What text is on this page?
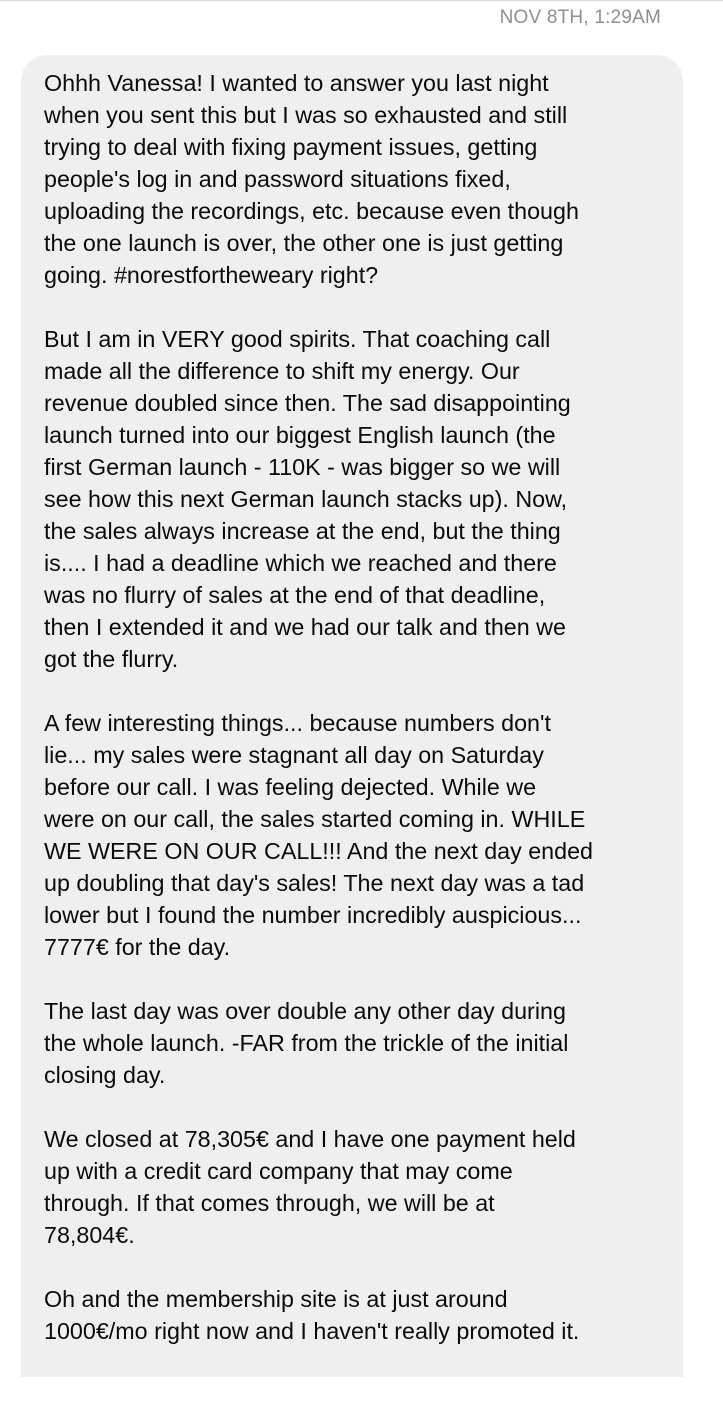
NOV 8TH, 1:29AM

Ohhh Vanessa! I wanted to answer you last night
when you sent this but I was so exhausted and still
trying to deal with fixing payment issues, getting
people's log in and password situations fixed,
uploading the recordings, etc. because even though
the one launch is over, the other one is just getting
going. #norestfortheweary right?

But I am in VERY good spirits. That coaching call
made all the difference to shift my energy. Our
revenue doubled since then. The sad disappointing
launch turned into our biggest English launch (the
first German launch - 110K - was bigger so we will
see how this next German launch stacks up). Now,
the sales always increase at the end, but the thing
is.... I had a deadline which we reached and there
was no flurry of sales at the end of that deadline,
then I extended it and we had our talk and then we
got the flurry.

A few interesting things... because numbers don't
lie... my sales were stagnant all day on Saturday
before our call. I was feeling dejected. While we
were on our call, the sales started coming in. WHILE
WE WERE ON OUR CALL!!! And the next day ended
up doubling that day's sales! The next day was a tad
lower but I found the number incredibly auspicious...
7777€ for the day.

The last day was over double any other day during
the whole launch. -FAR from the trickle of the initial
closing day.

We closed at 78,305€ and I have one payment held
up with a credit card company that may come
through. If that comes through, we will be at
78,804€.

Oh and the membership site is at just around
1000€/mo right now and I haven't really promoted it.
